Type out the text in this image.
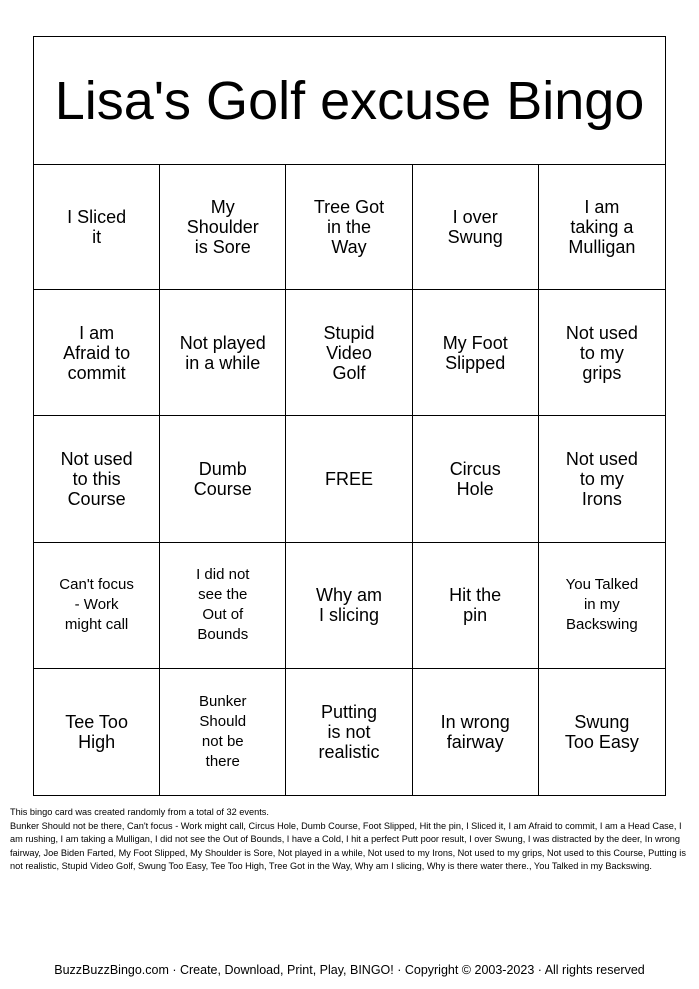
Lisa's Golf excuse Bingo
I Sliced
it
My
Shoulder
is Sore
Tree Got
in the
Way
I over
Swung
I am
taking a
Mulligan
I am
Afraid to
commit
Not played
in a while
Stupid
Video
Golf
My Foot
Slipped
Not used
to my
grips
Not used
to this
Course
Dumb
Course	FREE	Circus
Hole
Not used
to my
Irons
Can't focus
- Work
might call
I did not
see the
Out of
Bounds
Why am
I slicing
Hit the
pin
You Talked
in my
Backswing
Tee Too
High
Bunker
Should
not be
there
Putting
is not
realistic
In wrong
fairway
Swung
Too Easy

This bingo card was created randomly from a total of 32 events.

Bunker Should not be there, Can't focus - Work might call, Circus Hole, Dumb Course, Foot Slipped, Hit the pin, I Sliced it, I am Afraid to commit, I am a Head Case, I am rushing, I am taking a Mulligan, I did not see the Out of Bounds, I have a Cold, I hit a perfect Putt poor result, I over Swung, I was distracted by the deer, In wrong fairway, Joe Biden Farted, My Foot Slipped, My Shoulder is Sore, Not played in a while, Not used to my Irons, Not used to my grips, Not used to this Course, Putting is not realistic, Stupid Video Golf, Swung Too Easy, Tee Too High, Tree Got in the Way, Why am I slicing, Why is there water there., You Talked in my Backswing.

BuzzBuzzBingo.com · Create, Download, Print, Play, BINGO! · Copyright © 2003-2023 · All rights reserved
